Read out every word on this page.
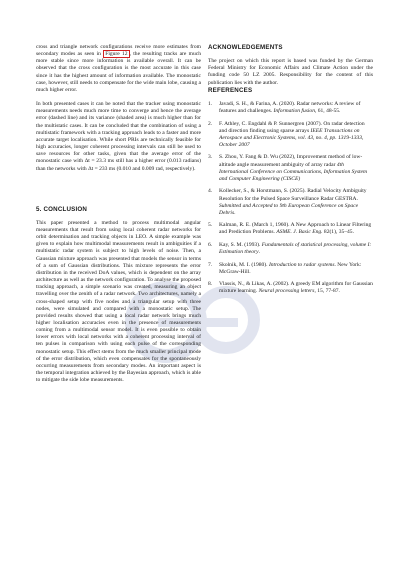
cross and triangle network configurations receive more estimates from secondary modes as seen in Figure 12 , the resulting tracks are much more stable since more information is available overall. It can be observed that the cross configuration is the most accurate in this case since it has the highest amount of information available. The monostatic case, however, still needs to compensate for the wide main lobe, causing a much higher error.

In both presented cases it can be noted that the tracker using monostatic measurements needs much more time to converge and hence the average error (dashed line) and its variance (shaded area) is much higher than for the multistatic cases. It can be concluded that the combination of using a multistatic framework with a tracking approach leads to a faster and more accurate target localisation. While short PRIs are technically feasible for high accuracies, longer coherent processing intervals can still be used to save resources for other tasks, given that the average error of the monostatic case with Δt = 23.3 ms still has a higher error (0.013 radians) than the networks with Δt = 233 ms (0.010 and 0.009 rad, respectively).

5. CONCLUSION

This paper presented a method to process multimodal angular measurements that result from using local coherent radar networks for orbit determination and tracking objects in LEO. A simple example was given to explain how multimodal measurements result in ambiguities if a multistatic radar system is subject to high levels of noise. Then, a Gaussian mixture approach was presented that models the sensor in terms of a sum of Gaussian distributions. This mixture represents the error distribution in the received DoA values, which is dependent on the array architecture as well as the network configuration. To analyse the proposed tracking approach, a simple scenario was created, measuring an object travelling over the zenith of a radar network. Two architectures, namely a cross-shaped setup with five nodes and a triangular setup with three nodes, were simulated and compared with a monostatic setup. The provided results showed that using a local radar network brings much higher localisation accuracies even in the presence of measurements coming from a multimodal sensor model. It is even possible to obtain lower errors with local networks with a coherent processing interval of ten pulses in comparison with using each pulse of the corresponding monostatic setup. This effect stems from the much smaller principal mode of the error distribution, which even compensates for the spontaneously occurring measurements from secondary modes. An important aspect is the temporal integration achieved by the Bayesian approach, which is able to mitigate the side lobe measurements.

ACKNOWLEDGEMENTS

The project on which this report is based was funded by the German Federal Ministry for Economic Affairs and Climate Action under the funding code 50 LZ 2005. Responsibility for the content of this publication lies with the author.

REFERENCES
1. Javadi, S. H., & Farina, A. (2020). Radar networks: A review of features and challenges. Information fusion, 61, 48-55.
2. F. Athley, C. Engdahl & P. Sunnergren (2007). On radar detection and direction finding using sparse arrays IEEE Transactions on Aerospace and Electronic Systems, vol. 43, no. 4, pp. 1319-1333, October 2007
3. S. Zhou, Y. Fang & D. Wu (2022), Improvement method of low-altitude angle measurement ambiguity of array radar 4th International Conference on Communications, Information System and Computer Engineering (CISCE)
4. Kollecker, S., & Horstmann, S. (2025). Radial Velocity Ambiguity Resolution for the Pulsed Space Surveillance Radar GESTRA. Submitted and Accepted to 9th European Conference on Space Debris.
5. Kalman, R. E. (March 1, 1960). A New Approach to Linear Filtering and Prediction Problems. ASME. J. Basic Eng. 82(1), 35–45.
6. Kay, S. M. (1993). Fundamentals of statistical processing, volume I: Estimation theory.
7. Skolnik, M. I. (1980). Introduction to radar systems. New York: McGraw-Hill.
8. Vlassis, N., & Likas, A. (2002). A greedy EM algorithm for Gaussian mixture learning. Neural processing letters, 15, 77-87.
